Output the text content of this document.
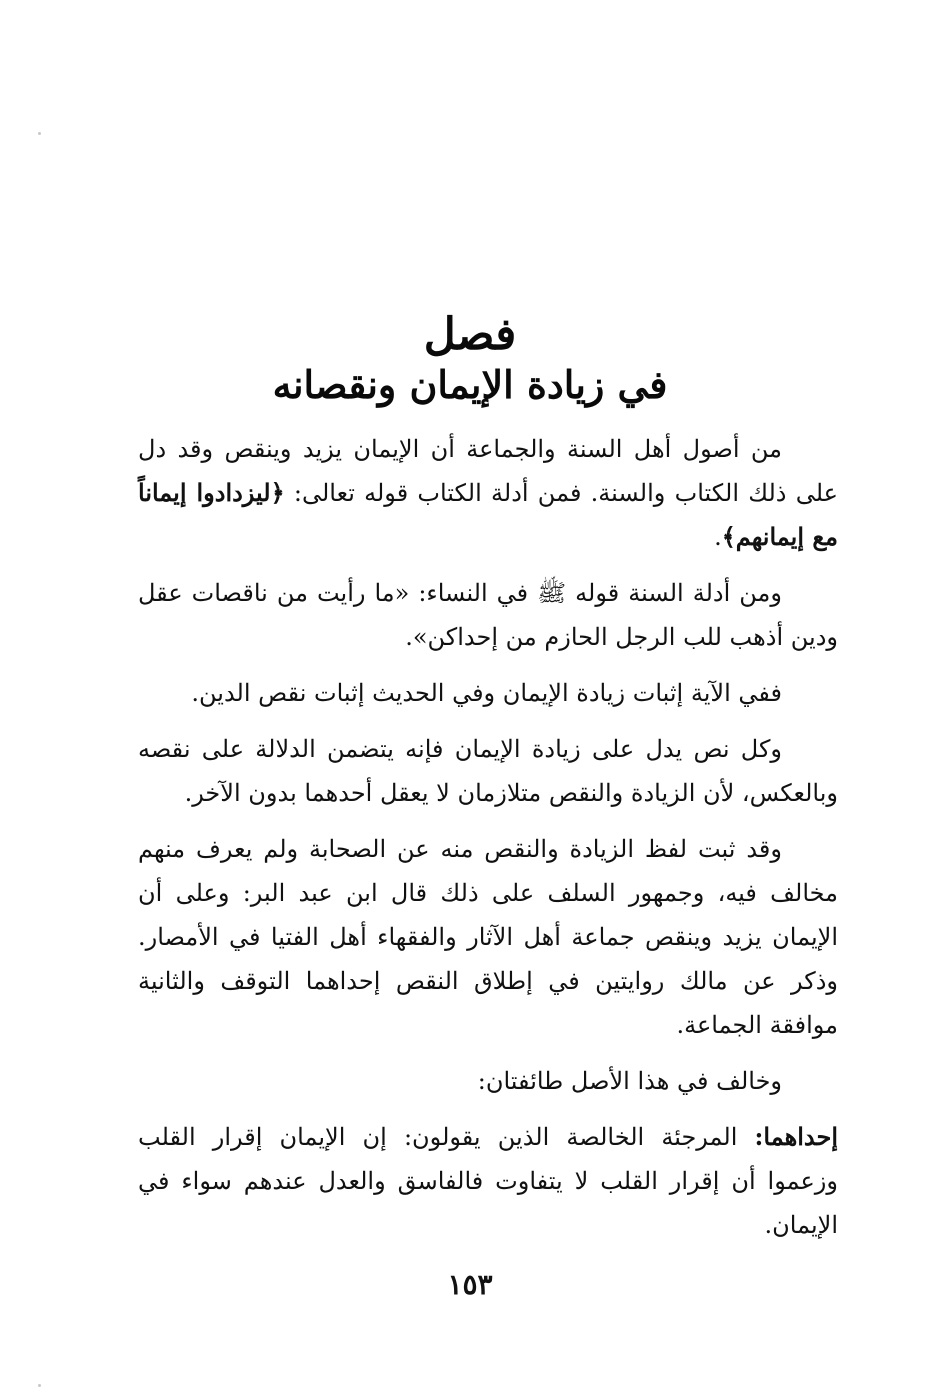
فصل
في زيادة الإيمان ونقصانه

من أصول أهل السنة والجماعة أن الإيمان يزيد وينقص وقد دل على ذلك الكتاب والسنة. فمن أدلة الكتاب قوله تعالى: ﴿ليزدادوا إيماناً مع إيمانهم﴾.

ومن أدلة السنة قوله ﷺ في النساء: «ما رأيت من ناقصات عقل ودين أذهب للب الرجل الحازم من إحداكن».

ففي الآية إثبات زيادة الإيمان وفي الحديث إثبات نقص الدين.

وكل نص يدل على زيادة الإيمان فإنه يتضمن الدلالة على نقصه وبالعكس، لأن الزيادة والنقص متلازمان لا يعقل أحدهما بدون الآخر.

وقد ثبت لفظ الزيادة والنقص منه عن الصحابة ولم يعرف منهم مخالف فيه، وجمهور السلف على ذلك قال ابن عبد البر: وعلى أن الإيمان يزيد وينقص جماعة أهل الآثار والفقهاء أهل الفتيا في الأمصار. وذكر عن مالك روايتين في إطلاق النقص إحداهما التوقف والثانية موافقة الجماعة.

وخالف في هذا الأصل طائفتان:

إحداهما: المرجئة الخالصة الذين يقولون: إن الإيمان إقرار القلب وزعموا أن إقرار القلب لا يتفاوت فالفاسق والعدل عندهم سواء في الإيمان.

١٥٣
